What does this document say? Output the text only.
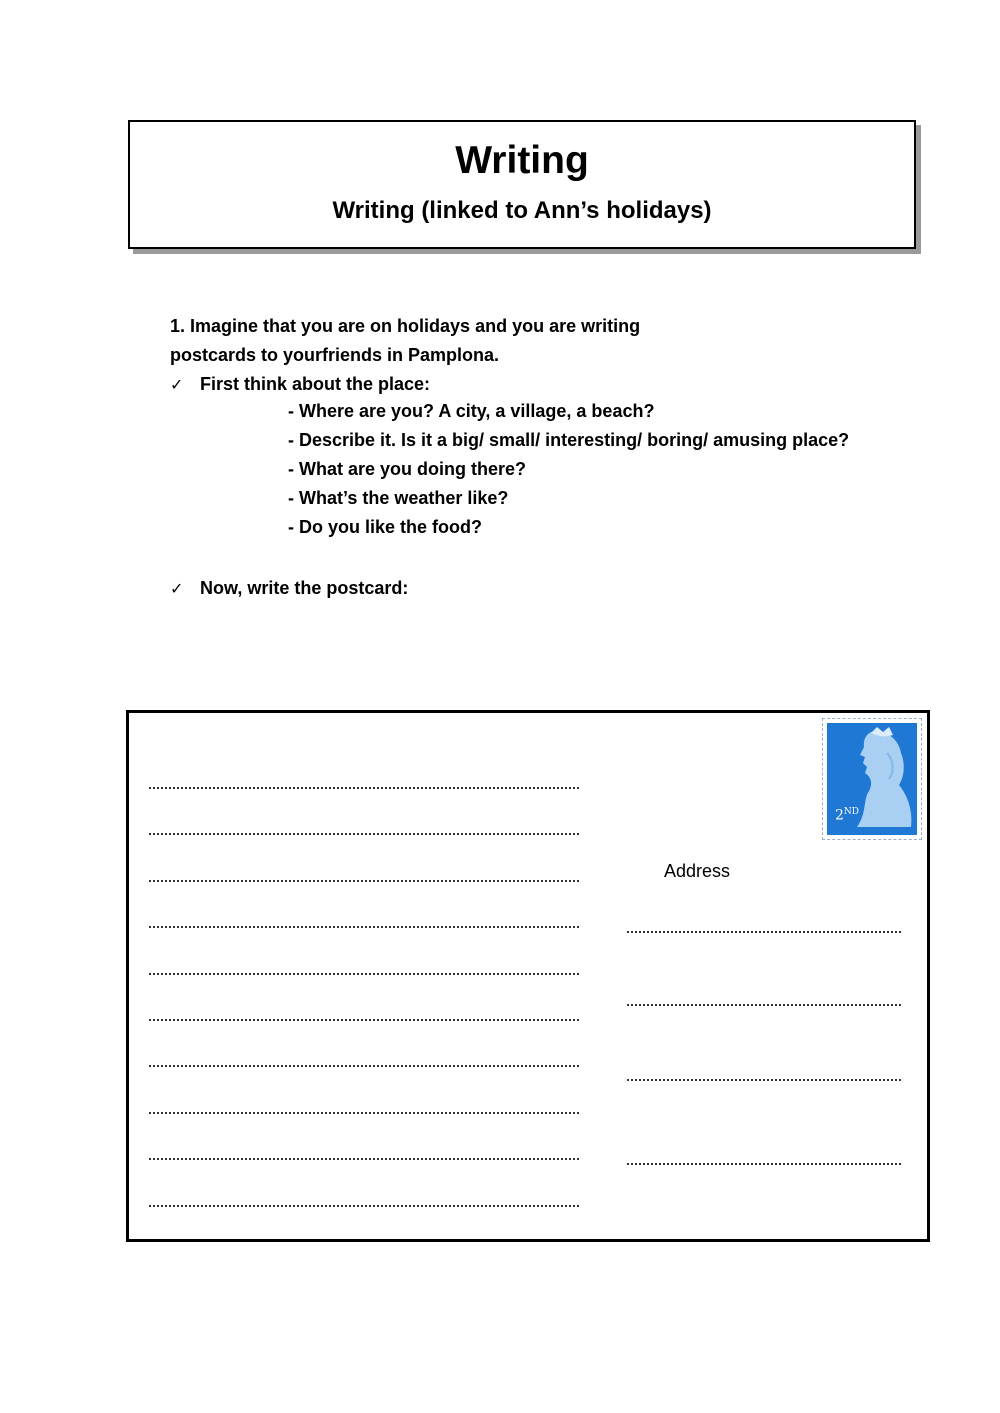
Writing
Writing (linked to Ann’s holidays)
1. Imagine that you are on holidays and you are writing
postcards to yourfriends in Pamplona.
✓ First think about the place:
- Where are you? A city, a village, a beach?
- Describe it. Is it a big/ small/ interesting/ boring/ amusing place?
- What are you doing there?
- What’s the weather like?
- Do you like the food?
✓ Now, write the postcard:
Address
2ND
